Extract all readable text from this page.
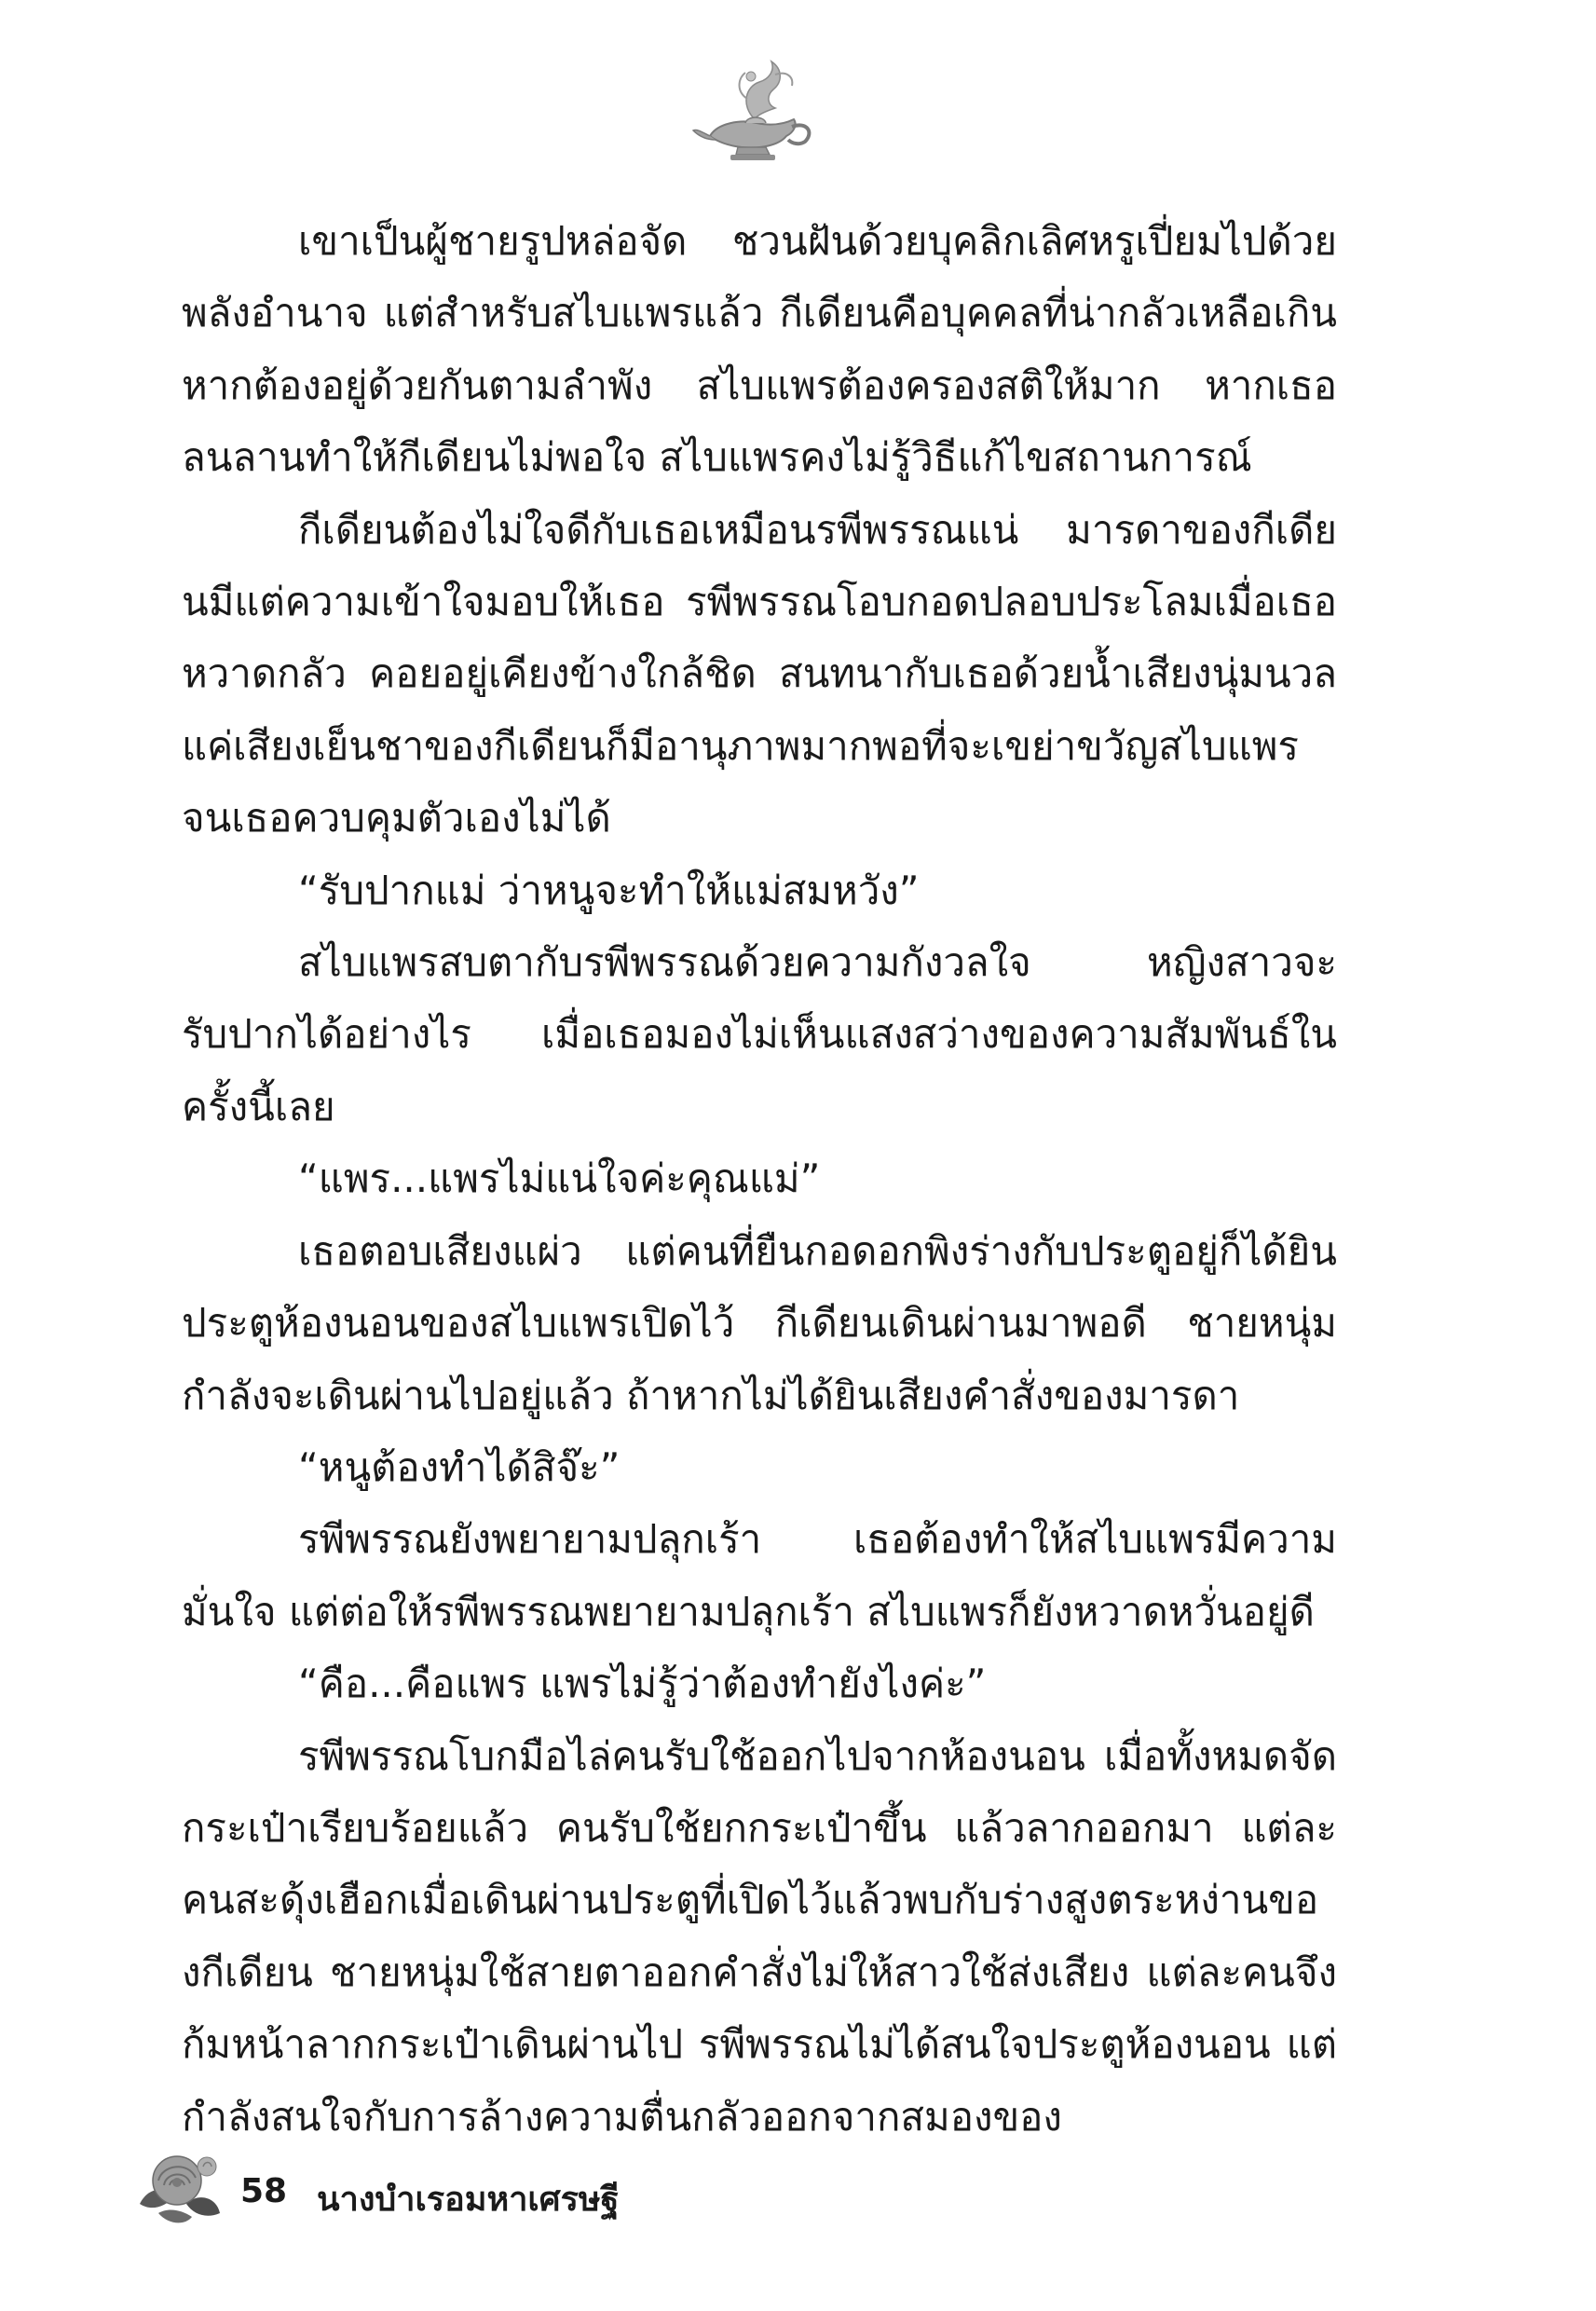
เขาเป็นผู้ชายรูปหล่อจัด ชวนฝันด้วยบุคลิกเลิศหรูเปี่ยมไปด้วยพลังอำนาจ แต่สำหรับสไบแพรแล้ว กีเดียนคือบุคคลที่น่ากลัวเหลือเกิน หากต้องอยู่ด้วยกันตามลำพัง สไบแพรต้องครองสติให้มาก หากเธอลนลานทำให้กีเดียนไม่พอใจ สไบแพรคงไม่รู้วิธีแก้ไขสถานการณ์

กีเดียนต้องไม่ใจดีกับเธอเหมือนรพีพรรณแน่ มารดาของกีเดียนมีแต่ความเข้าใจมอบให้เธอ รพีพรรณโอบกอดปลอบประโลมเมื่อเธอหวาดกลัว คอยอยู่เคียงข้างใกล้ชิด สนทนากับเธอด้วยน้ำเสียงนุ่มนวล แค่เสียงเย็นชาของกีเดียนก็มีอานุภาพมากพอที่จะเขย่าขวัญสไบแพรจนเธอควบคุมตัวเองไม่ได้

“รับปากแม่ ว่าหนูจะทำให้แม่สมหวัง”

สไบแพรสบตากับรพีพรรณด้วยความกังวลใจ หญิงสาวจะรับปากได้อย่างไร เมื่อเธอมองไม่เห็นแสงสว่างของความสัมพันธ์ในครั้งนี้เลย

“แพร...แพรไม่แน่ใจค่ะคุณแม่”

เธอตอบเสียงแผ่ว แต่คนที่ยืนกอดอกพิงร่างกับประตูอยู่ก็ได้ยิน ประตูห้องนอนของสไบแพรเปิดไว้ กีเดียนเดินผ่านมาพอดี ชายหนุ่มกำลังจะเดินผ่านไปอยู่แล้ว ถ้าหากไม่ได้ยินเสียงคำสั่งของมารดา

“หนูต้องทำได้สิจ๊ะ”

รพีพรรณยังพยายามปลุกเร้า เธอต้องทำให้สไบแพรมีความมั่นใจ แต่ต่อให้รพีพรรณพยายามปลุกเร้า สไบแพรก็ยังหวาดหวั่นอยู่ดี

“คือ...คือแพร แพรไม่รู้ว่าต้องทำยังไงค่ะ”

รพีพรรณโบกมือไล่คนรับใช้ออกไปจากห้องนอน เมื่อทั้งหมดจัดกระเป๋าเรียบร้อยแล้ว คนรับใช้ยกกระเป๋าขึ้น แล้วลากออกมา แต่ละคนสะดุ้งเฮือกเมื่อเดินผ่านประตูที่เปิดไว้แล้วพบกับร่างสูงตระหง่านของกีเดียน ชายหนุ่มใช้สายตาออกคำสั่งไม่ให้สาวใช้ส่งเสียง แต่ละคนจึงก้มหน้าลากกระเป๋าเดินผ่านไป รพีพรรณไม่ได้สนใจประตูห้องนอน แต่กำลังสนใจกับการล้างความตื่นกลัวออกจากสมองของ

58 นางบำเรอมหาเศรษฐี
